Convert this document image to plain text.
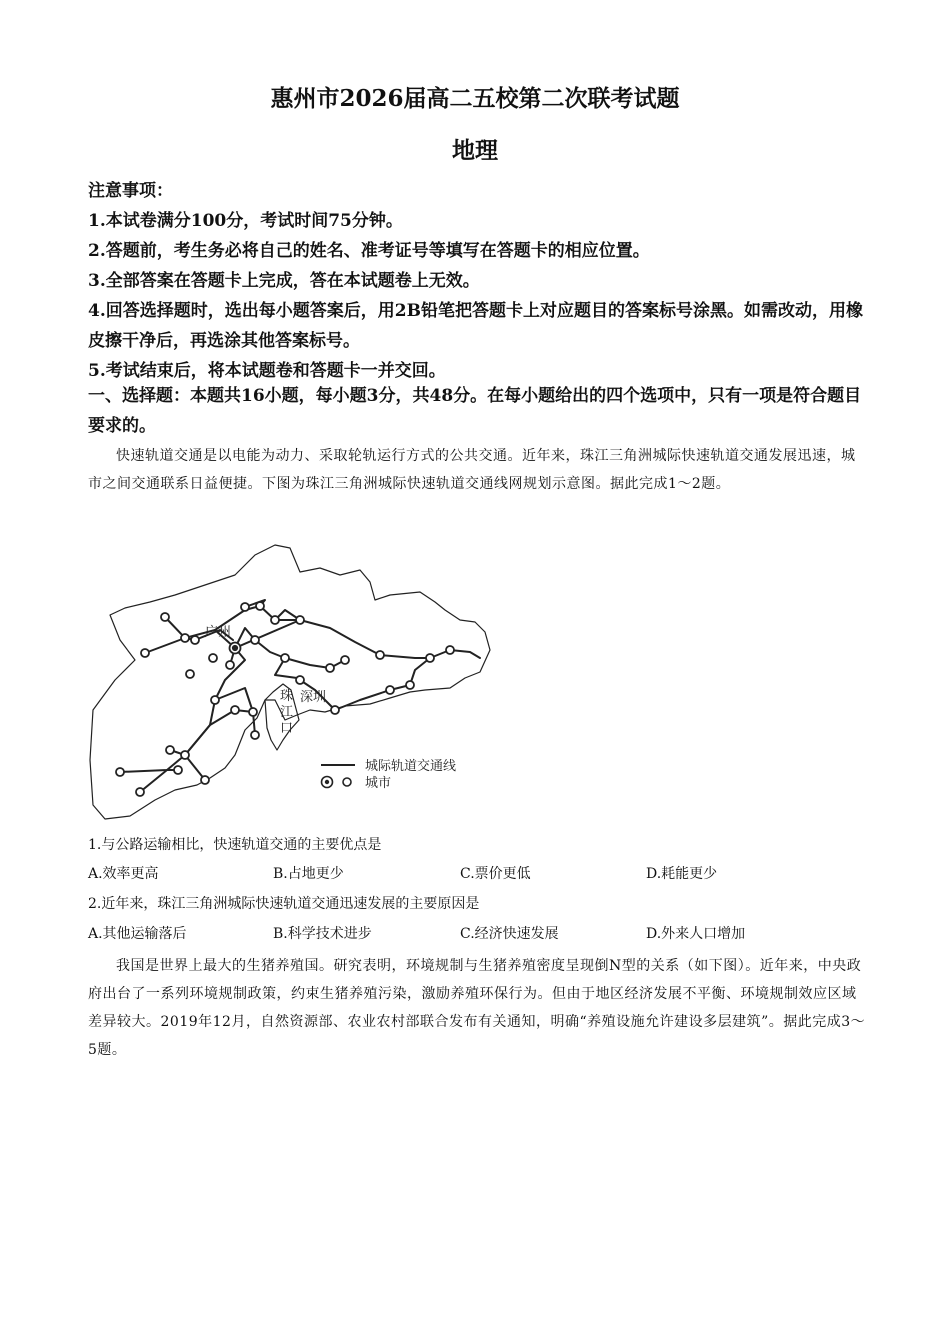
惠州市2026届高二五校第二次联考试题
地理

注意事项：

1.本试卷满分100分，考试时间75分钟。

2.答题前，考生务必将自己的姓名、准考证号等填写在答题卡的相应位置。

3.全部答案在答题卡上完成，答在本试题卷上无效。

4.回答选择题时，选出每小题答案后，用2B铅笔把答题卡上对应题目的答案标号涂黑。如需改动，用橡皮擦干净后，再选涂其他答案标号。

5.考试结束后，将本试题卷和答题卡一并交回。

一、选择题：本题共16小题，每小题3分，共48分。在每小题给出的四个选项中，只有一项是符合题目要求的。

快速轨道交通是以电能为动力、采取轮轨运行方式的公共交通。近年来，珠江三角洲城际快速轨道交通发展迅速，城市之间交通联系日益便捷。下图为珠江三角洲城际快速轨道交通线网规划示意图。据此完成1～2题。

广州
深圳
珠
江
口
城际轨道交通线
城市

1.与公路运输相比，快速轨道交通的主要优点是

A.效率更高	B.占地更少	C.票价更低	D.耗能更少

2.近年来，珠江三角洲城际快速轨道交通迅速发展的主要原因是

A.其他运输落后	B.科学技术进步	C.经济快速发展	D.外来人口增加

我国是世界上最大的生猪养殖国。研究表明，环境规制与生猪养殖密度呈现倒N型的关系（如下图）。近年来，中央政府出台了一系列环境规制政策，约束生猪养殖污染，激励养殖环保行为。但由于地区经济发展不平衡、环境规制效应区域差异较大。2019年12月，自然资源部、农业农村部联合发布有关通知，明确“养殖设施允许建设多层建筑”。据此完成3～5题。
